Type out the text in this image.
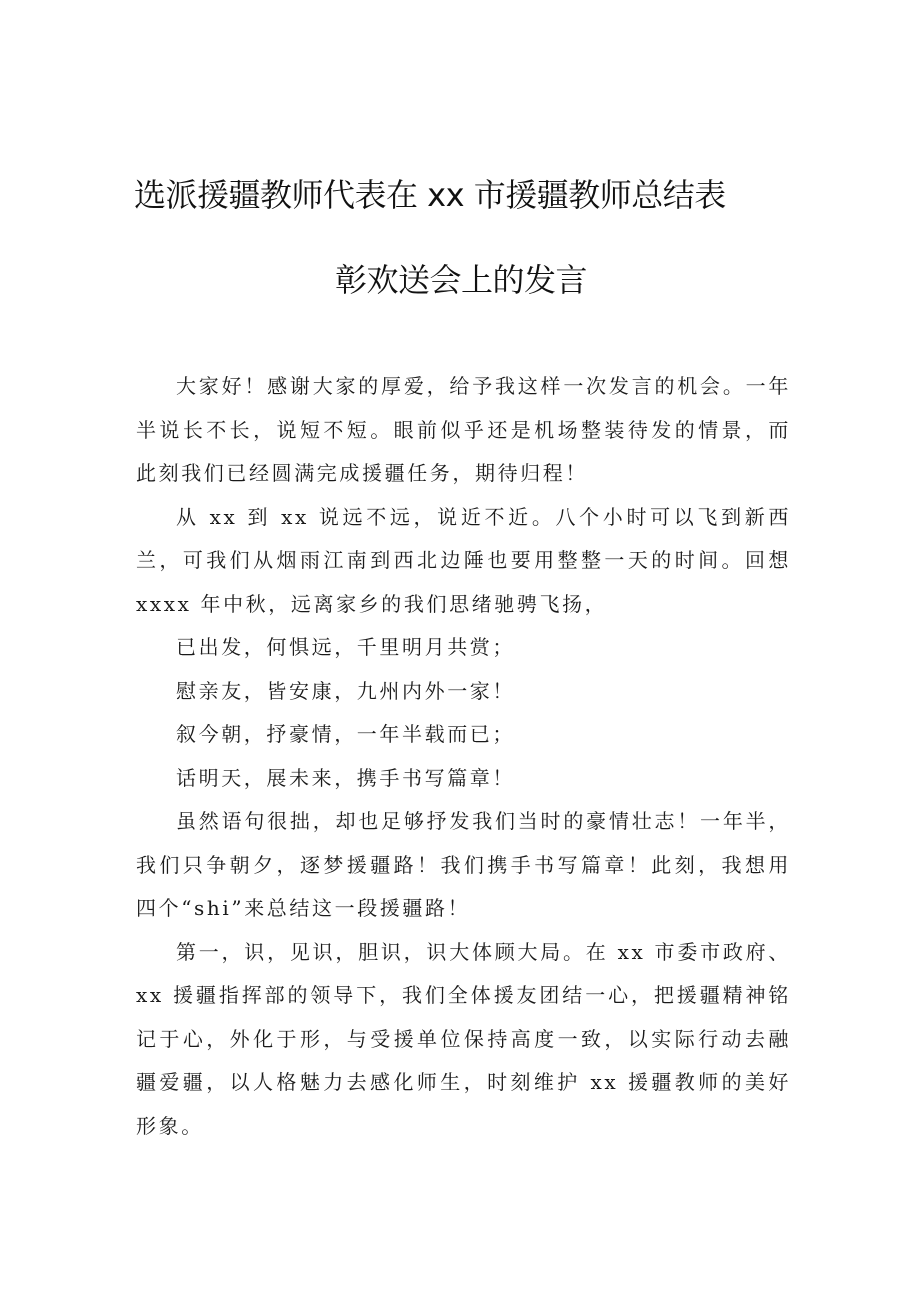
选派援疆教师代表在 xx 市援疆教师总结表
彰欢送会上的发言

大家好！感谢大家的厚爱，给予我这样一次发言的机会。一年半说长不长，说短不短。眼前似乎还是机场整装待发的情景，而此刻我们已经圆满完成援疆任务，期待归程！

从 xx 到 xx 说远不远，说近不近。八个小时可以飞到新西兰，可我们从烟雨江南到西北边陲也要用整整一天的时间。回想 xxxx 年中秋，远离家乡的我们思绪驰骋飞扬，

已出发，何惧远，千里明月共赏；

慰亲友，皆安康，九州内外一家！

叙今朝，抒豪情，一年半载而已；

话明天，展未来，携手书写篇章！

虽然语句很拙，却也足够抒发我们当时的豪情壮志！一年半，我们只争朝夕，逐梦援疆路！我们携手书写篇章！此刻，我想用四个“shi”来总结这一段援疆路！

第一，识，见识，胆识，识大体顾大局。在 xx 市委市政府、xx 援疆指挥部的领导下，我们全体援友团结一心，把援疆精神铭记于心，外化于形，与受援单位保持高度一致，以实际行动去融疆爱疆，以人格魅力去感化师生，时刻维护 xx 援疆教师的美好形象。
